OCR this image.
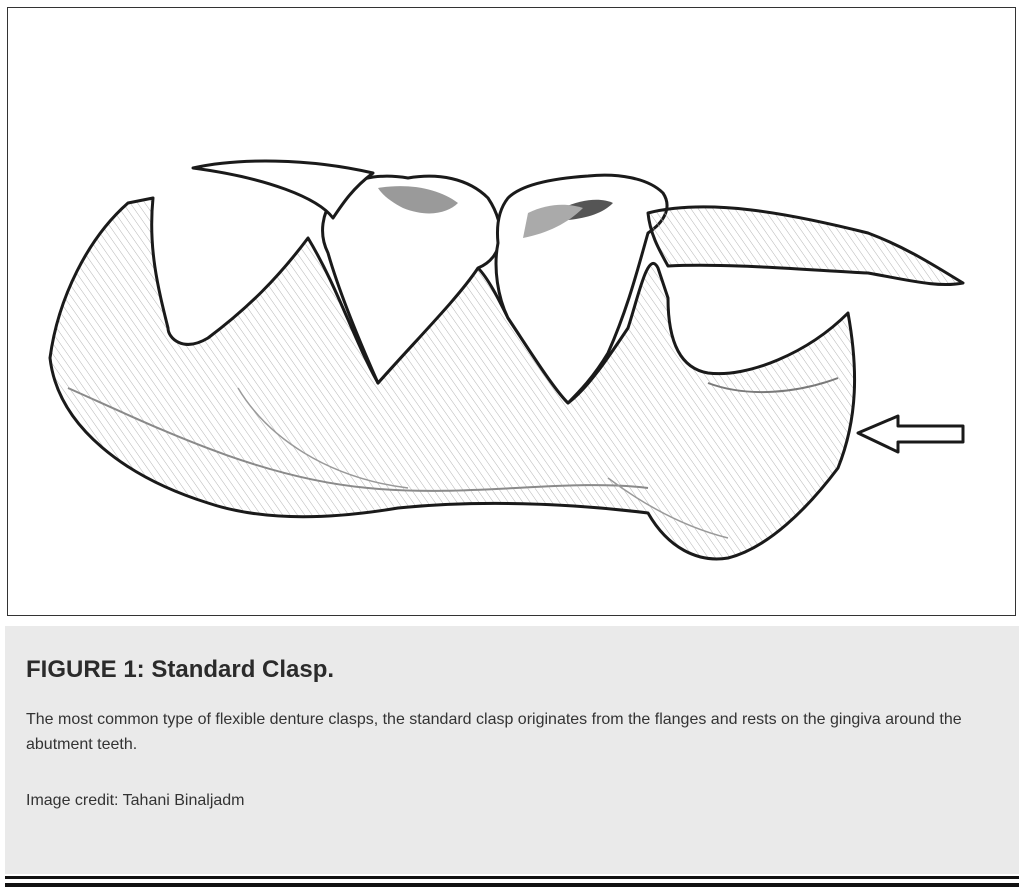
FIGURE 1: Standard Clasp.

The most common type of flexible denture clasps, the standard clasp originates from the flanges and rests on the gingiva around the abutment teeth.

Image credit: Tahani Binaljadm
